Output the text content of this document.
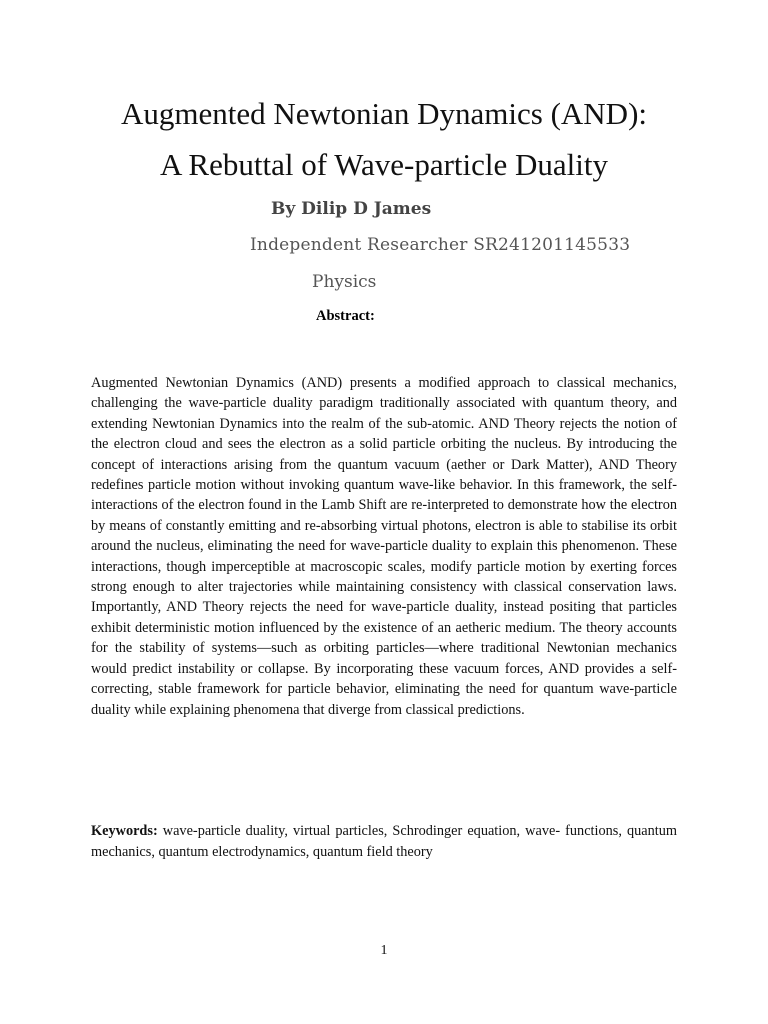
Augmented Newtonian Dynamics (AND):
A Rebuttal of Wave-particle Duality
By Dilip D James
Independent Researcher SR241201145533
Physics
Abstract:
Augmented Newtonian Dynamics (AND) presents a modified approach to classical mechanics, challenging the wave-particle duality paradigm traditionally associated with quantum theory, and extending Newtonian Dynamics into the realm of the sub-atomic. AND Theory rejects the notion of the electron cloud and sees the electron as a solid particle orbiting the nucleus. By introducing the concept of interactions arising from the quantum vacuum (aether or Dark Matter), AND Theory redefines particle motion without invoking quantum wave-like behavior. In this framework, the self-interactions of the electron found in the Lamb Shift are re-interpreted to demonstrate how the electron by means of constantly emitting and re-absorbing virtual photons, electron is able to stabilise its orbit around the nucleus, eliminating the need for wave-particle duality to explain this phenomenon. These interactions, though imperceptible at macroscopic scales, modify particle motion by exerting forces strong enough to alter trajectories while maintaining consistency with classical conservation laws. Importantly, AND Theory rejects the need for wave-particle duality, instead positing that particles exhibit deterministic motion influenced by the existence of an aetheric medium. The theory accounts for the stability of systems—such as orbiting particles—where traditional Newtonian mechanics would predict instability or collapse. By incorporating these vacuum forces, AND provides a self-correcting, stable framework for particle behavior, eliminating the need for quantum wave-particle duality while explaining phenomena that diverge from classical predictions.
Keywords: wave-particle duality, virtual particles, Schrodinger equation, wave- functions, quantum mechanics, quantum electrodynamics, quantum field theory
1
